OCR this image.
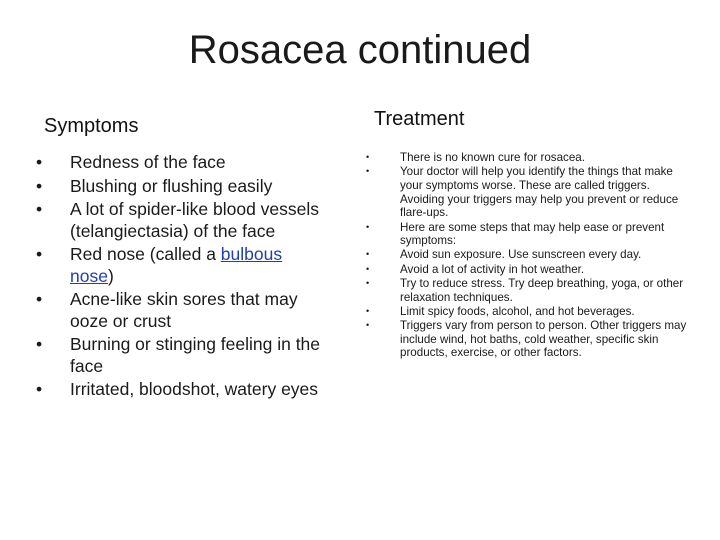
Rosacea continued
Symptoms	Treatment
•	Redness of the face
•	Blushing or flushing easily
•	A lot of spider-like blood vessels (telangiectasia) of the face
•	Red nose (called a bulbous nose)
•	Acne-like skin sores that may ooze or crust
•	Burning or stinging feeling in the face
•	Irritated, bloodshot, watery eyes
•	There is no known cure for rosacea.
•	Your doctor will help you identify the things that make your symptoms worse. These are called triggers. Avoiding your triggers may help you prevent or reduce flare-ups.
•	Here are some steps that may help ease or prevent symptoms:
•	Avoid sun exposure. Use sunscreen every day.
•	Avoid a lot of activity in hot weather.
•	Try to reduce stress. Try deep breathing, yoga, or other relaxation techniques.
•	Limit spicy foods, alcohol, and hot beverages.
•	Triggers vary from person to person. Other triggers may include wind, hot baths, cold weather, specific skin products, exercise, or other factors.
